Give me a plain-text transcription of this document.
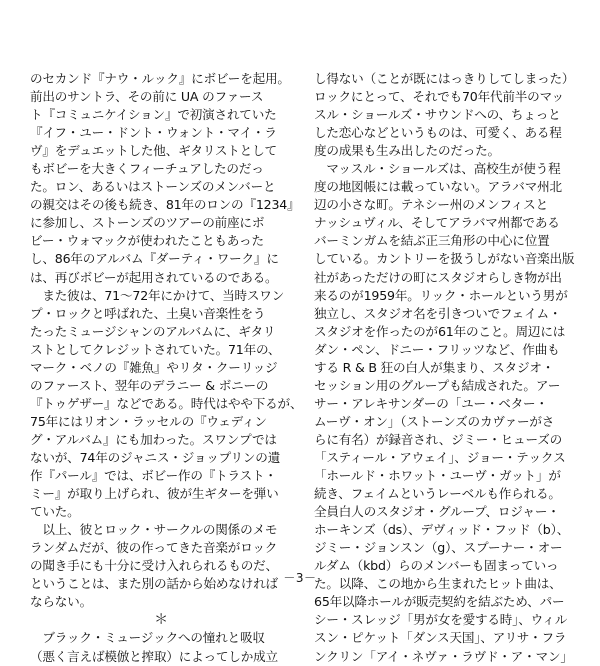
のセカンド『ナウ・ルック』にボビーを起用。

前出のサントラ、その前に UA のファース

ト『コミュニケイション』で初演されていた

『イフ・ユー・ドント・ウォント・マイ・ラ

ヴ』をデュエットした他、ギタリストとして

もボビーを大きくフィーチュアしたのだっ

た。ロン、あるいはストーンズのメンバーと

の親交はその後も続き、81年のロンの『1234』

に参加し、ストーンズのツアーの前座にボ

ビー・ウォマックが使われたこともあった

し、86年のアルバム『ダーティ・ワーク』に

は、再びボビーが起用されているのである。

　また彼は、71～72年にかけて、当時スワン

プ・ロックと呼ばれた、土臭い音楽性をう

たったミュージシャンのアルバムに、ギタリ

ストとしてクレジットされていた。71年の、

マーク・ベノの『雑魚』やリタ・クーリッジ

のファースト、翌年のデラニー & ボニーの

『トゥゲザー』などである。時代はやや下るが、

75年にはリオン・ラッセルの『ウェディン

グ・アルバム』にも加わった。スワンプでは

ないが、74年のジャニス・ジョップリンの遺

作『パール』では、ボビー作の『トラスト・

ミー』が取り上げられ、彼が生ギターを弾い

ていた。

　以上、彼とロック・サークルの関係のメモ

ランダムだが、彼の作ってきた音楽がロック

の聞き手にも十分に受け入れられるものだ、

ということは、また別の話から始めなければ

ならない。

＊

　ブラック・ミュージックへの憧れと吸収

（悪く言えば模倣と搾取）によってしか成立

し得ない（ことが既にはっきりしてしまった）

ロックにとって、それでも70年代前半のマッ

スル・ショールズ・サウンドへの、ちょっと

した恋心などというものは、可愛く、ある程

度の成果も生み出したのだった。

　マッスル・ショールズは、高校生が使う程

度の地図帳には載っていない。アラバマ州北

辺の小さな町。テネシー州のメンフィスと

ナッシュヴィル、そしてアラバマ州都である

バーミンガムを結ぶ正三角形の中心に位置

している。カントリーを扱うしがない音楽出版

社があっただけの町にスタジオらしき物が出

来るのが1959年。リック・ホールという男が

独立し、スタジオ名を引きついでフェイム・

スタジオを作ったのが61年のこと。周辺には

ダン・ペン、ドニー・フリッツなど、作曲も

する R & B 狂の白人が集まり、スタジオ・

セッション用のグループも結成された。アー

サー・アレキサンダーの「ユー・ベター・

ムーヴ・オン」（ストーンズのカヴァーがさ

らに有名）が録音され、ジミー・ヒューズの

「スティール・アウェイ」、ジョー・テックス

「ホールド・ホワット・ユーヴ・ガット」が

続き、フェイムというレーベルも作られる。

全員白人のスタジオ・グループ、ロジャー・

ホーキンズ（ds）、デヴィッド・フッド（b）、

ジミー・ジョンスン（g）、スプーナー・オー

ルダム（kbd）らのメンバーも固まっていっ

た。以降、この地から生まれたヒット曲は、

65年以降ホールが販売契約を結ぶため、パー

シー・スレッジ「男が女を愛する時」、ウィル

スン・ピケット「ダンス天国」、アリサ・フラ

ンクリン「アイ・ネヴァ・ラヴド・ア・マン」

－3－
